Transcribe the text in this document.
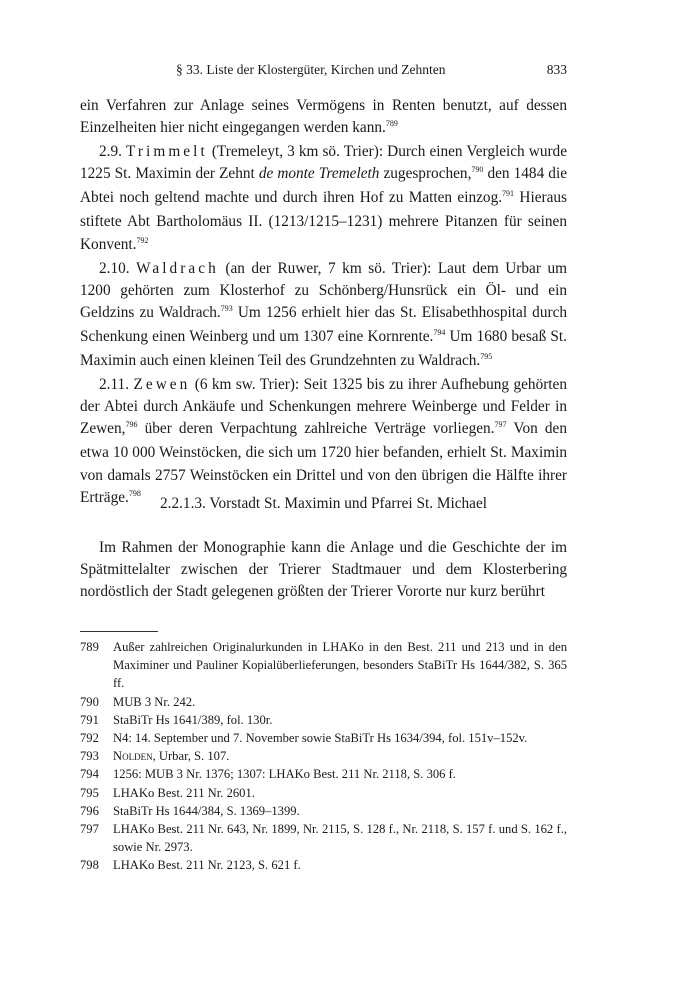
§ 33. Liste der Klostergüter, Kirchen und Zehnten	833

ein Verfahren zur Anlage seines Vermögens in Renten benutzt, auf dessen Einzelheiten hier nicht eingegangen werden kann.$^{789}$

2.9. Trimmelt (Tremeleyt, 3 km sö. Trier): Durch einen Vergleich wurde 1225 St. Maximin der Zehnt de monte Tremeleth zugesprochen,$^{790}$ den 1484 die Abtei noch geltend machte und durch ihren Hof zu Matten einzog.$^{791}$ Hieraus stiftete Abt Bartholomäus II. (1213/1215–1231) mehrere Pitanzen für seinen Konvent.$^{792}$

2.10. Waldrach (an der Ruwer, 7 km sö. Trier): Laut dem Urbar um 1200 gehörten zum Klosterhof zu Schönberg/Hunsrück ein Öl- und ein Geldzins zu Waldrach.$^{793}$ Um 1256 erhielt hier das St. Elisabethhospital durch Schenkung einen Weinberg und um 1307 eine Kornrente.$^{794}$ Um 1680 besaß St. Maximin auch einen kleinen Teil des Grundzehnten zu Waldrach.$^{795}$

2.11. Zewen (6 km sw. Trier): Seit 1325 bis zu ihrer Aufhebung gehörten der Abtei durch Ankäufe und Schenkungen mehrere Weinberge und Felder in Zewen,$^{796}$ über deren Verpachtung zahlreiche Verträge vorliegen.$^{797}$ Von den etwa 10 000 Weinstöcken, die sich um 1720 hier befanden, erhielt St. Maximin von damals 2757 Weinstöcken ein Drittel und von den übrigen die Hälfte ihrer Erträge.$^{798}$

2.2.1.3. Vorstadt St. Maximin und Pfarrei St. Michael

Im Rahmen der Monographie kann die Anlage und die Geschichte der im Spätmittelalter zwischen der Trierer Stadtmauer und dem Klosterbering nordöstlich der Stadt gelegenen größten der Trierer Vororte nur kurz berührt

789 Außer zahlreichen Originalurkunden in LHAKo in den Best. 211 und 213 und in den Maximiner und Pauliner Kopialüberlieferungen, besonders StaBiTr Hs 1644/382, S. 365 ff.
790 MUB 3 Nr. 242.
791 StaBiTr Hs 1641/389, fol. 130r.
792 N4: 14. September und 7. November sowie StaBiTr Hs 1634/394, fol. 151v–152v.
793 Nolden, Urbar, S. 107.
794 1256: MUB 3 Nr. 1376; 1307: LHAKo Best. 211 Nr. 2118, S. 306 f.
795 LHAKo Best. 211 Nr. 2601.
796 StaBiTr Hs 1644/384, S. 1369–1399.
797 LHAKo Best. 211 Nr. 643, Nr. 1899, Nr. 2115, S. 128 f., Nr. 2118, S. 157 f. und S. 162 f., sowie Nr. 2973.
798 LHAKo Best. 211 Nr. 2123, S. 621 f.
